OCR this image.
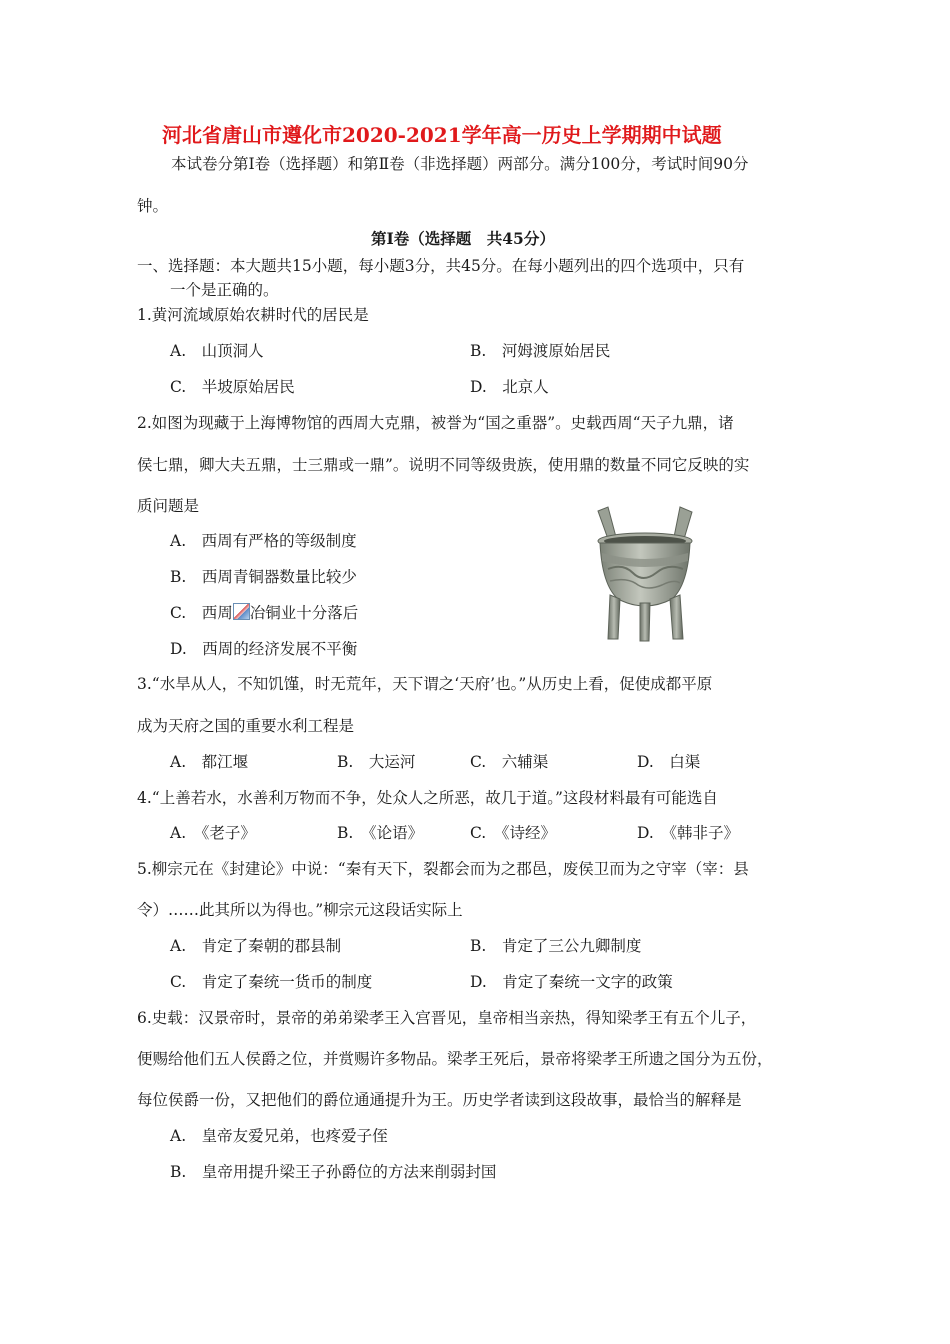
河北省唐山市遵化市2020-2021学年高一历史上学期期中试题
本试卷分第Ⅰ卷（选择题）和第Ⅱ卷（非选择题）两部分。满分100分，考试时间90分
钟。
第Ⅰ卷（选择题　共45分）
一、选择题：本大题共15小题，每小题3分，共45分。在每小题列出的四个选项中，只有
一个是正确的。
1.黄河流域原始农耕时代的居民是
A.　山顶洞人	B.　河姆渡原始居民
C.　半坡原始居民	D.　北京人
2.如图为现藏于上海博物馆的西周大克鼎，被誉为“国之重器”。史载西周“天子九鼎，诸
侯七鼎，卿大夫五鼎，士三鼎或一鼎”。说明不同等级贵族，使用鼎的数量不同它反映的实
质问题是
A.　西周有严格的等级制度
B.　西周青铜器数量比较少
C.　西周 冶铜业十分落后
D.　西周的经济发展不平衡
3.“水旱从人，不知饥馑，时无荒年，天下谓之‘天府’也。”从历史上看，促使成都平原
成为天府之国的重要水利工程是
A.　都江堰	B.　大运河	C.　六辅渠	D.　白渠
4.“上善若水，水善利万物而不争，处众人之所恶，故几于道。”这段材料最有可能选自
A.　《老子》	B.　《论语》	C.　《诗经》	D.　《韩非子》
5.柳宗元在《封建论》中说：“秦有天下，裂都会而为之郡邑，废侯卫而为之守宰（宰：县
令）……此其所以为得也。”柳宗元这段话实际上
A.　肯定了秦朝的郡县制	B.　肯定了三公九卿制度
C.　肯定了秦统一货币的制度	D.　肯定了秦统一文字的政策
6.史载：汉景帝时，景帝的弟弟梁孝王入宫晋见，皇帝相当亲热，得知梁孝王有五个儿子，
便赐给他们五人侯爵之位，并赏赐许多物品。梁孝王死后，景帝将梁孝王所遗之国分为五份，
每位侯爵一份，又把他们的爵位通通提升为王。历史学者读到这段故事，最恰当的解释是
A.　皇帝友爱兄弟，也疼爱子侄
B.　皇帝用提升梁王子孙爵位的方法来削弱封国
